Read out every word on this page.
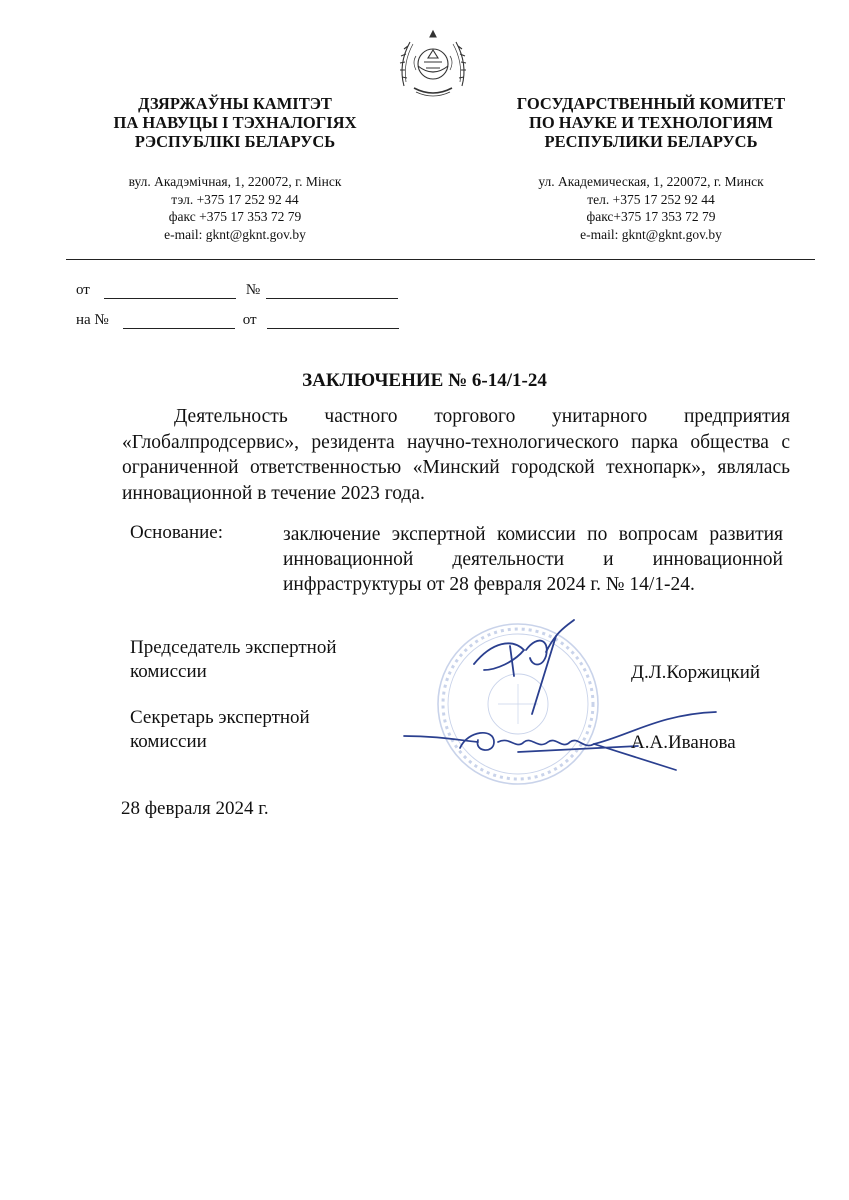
ДЗЯРЖАЎНЫ КАМІТЭТ
ПА НАВУЦЫ І ТЭХНАЛОГІЯХ
РЭСПУБЛІКІ БЕЛАРУСЬ
вул. Акадэмічная, 1, 220072, г. Мінск
тэл. +375 17 252 92 44
факс +375 17 353 72 79
e-mail: gknt@gknt.gov.by
ГОСУДАРСТВЕННЫЙ КОМИТЕТ
ПО НАУКЕ И ТЕХНОЛОГИЯМ
РЕСПУБЛИКИ БЕЛАРУСЬ
ул. Академическая, 1, 220072, г. Минск
тел. +375 17 252 92 44
факс+375 17 353 72 79
e-mail: gknt@gknt.gov.by
от	№
на №	от
ЗАКЛЮЧЕНИЕ № 6-14/1-24

Деятельность частного торгового унитарного предприятия «Глобалпродсервис», резидента научно-технологического парка общества с ограниченной ответственностью «Минский городской технопарк», являлась инновационной в течение 2023 года.

Основание:	заключение экспертной комиссии по вопросам развития инновационной деятельности и инновационной инфраструктуры от 28 февраля 2024 г. № 14/1-24.

Председатель экспертной
комиссии	Д.Л.Коржицкий
Секретарь экспертной
комиссии	А.А.Иванова
28 февраля 2024 г.
